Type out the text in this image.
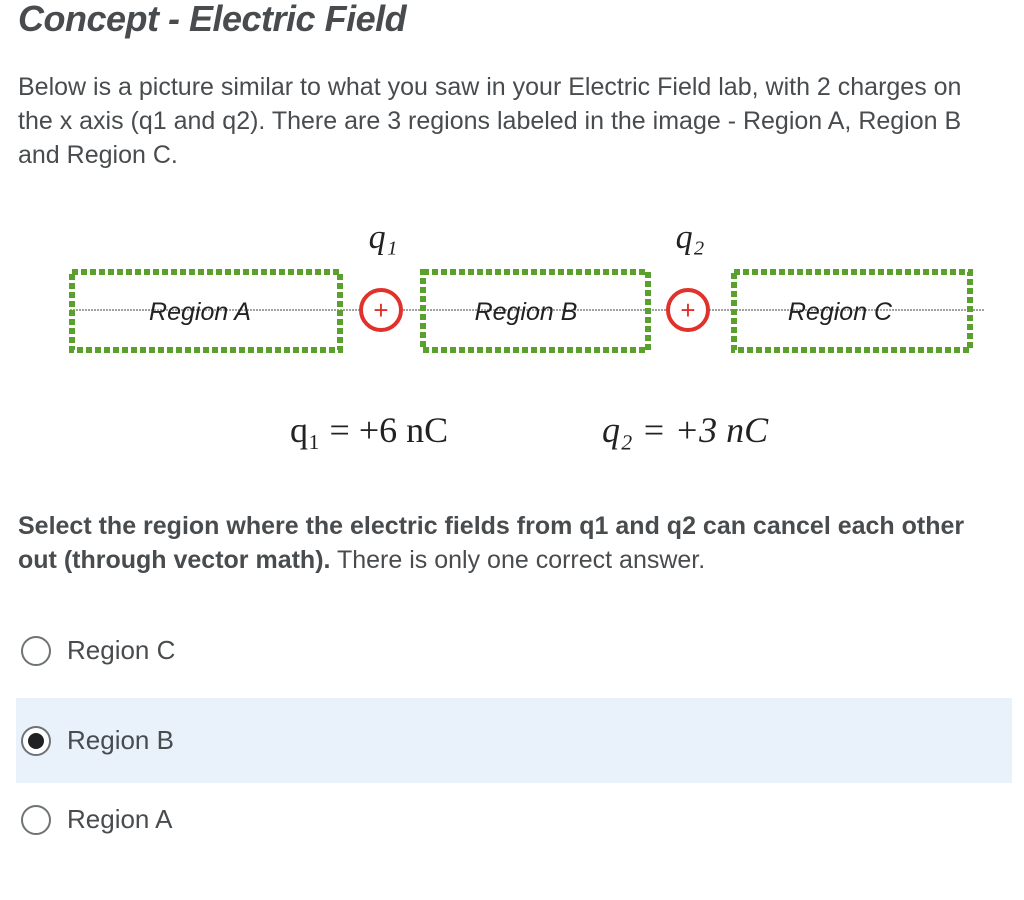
Concept - Electric Field

Below is a picture similar to what you saw in your Electric Field lab, with 2 charges on the x axis (q1 and q2). There are 3 regions labeled in the image - Region A, Region B and Region C.

Region A	Region B	Region C
+	+
q₁	q₂
q₁ = +6 nC	q₂ = +3 nC

Select the region where the electric fields from q1 and q2 can cancel each other out (through vector math). There is only one correct answer.

Region C
Region B
Region A
